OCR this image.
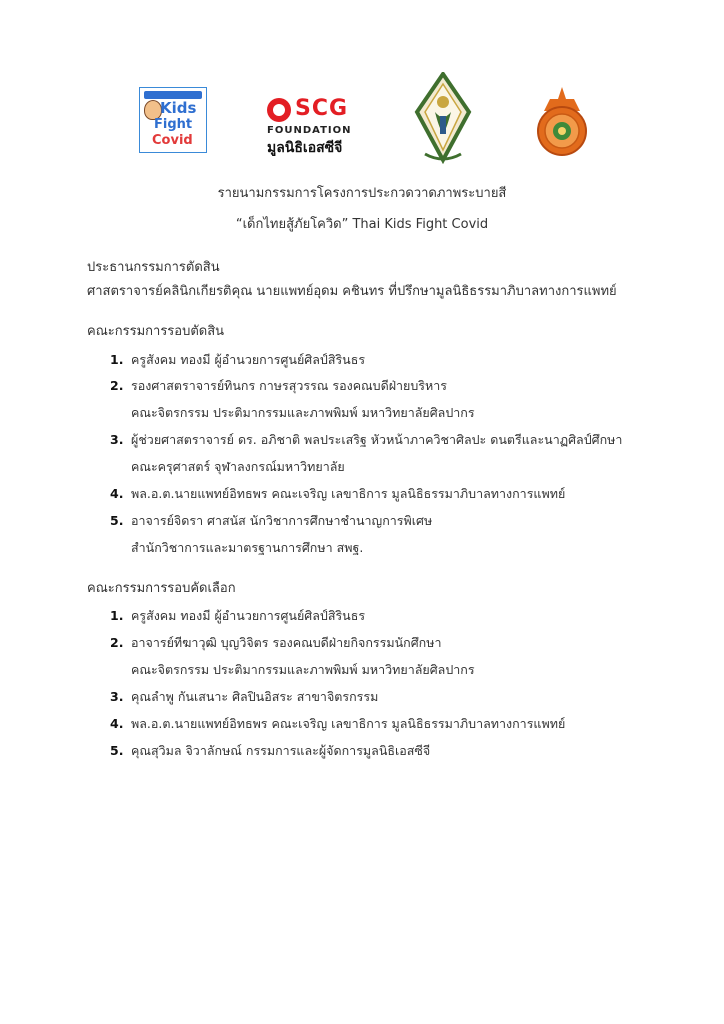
Kids
Fight
Covid
SCG
FOUNDATION
มูลนิธิเอสซีจี
รายนามกรรมการโครงการประกวดวาดภาพระบายสี
“เด็กไทยสู้ภัยโควิด” Thai Kids Fight Covid
ประธานกรรมการตัดสิน
ศาสตราจารย์คลินิกเกียรติคุณ นายแพทย์อุดม คชินทร ที่ปรึกษามูลนิธิธรรมาภิบาลทางการแพทย์
คณะกรรมการรอบตัดสิน
1. ครูสังคม ทองมี ผู้อำนวยการศูนย์ศิลป์สิรินธร
2. รองศาสตราจารย์ทินกร กาษรสุวรรณ รองคณบดีฝ่ายบริหาร
คณะจิตรกรรม ประติมากรรมและภาพพิมพ์ มหาวิทยาลัยศิลปากร
3. ผู้ช่วยศาสตราจารย์ ดร. อภิชาติ พลประเสริฐ หัวหน้าภาควิชาศิลปะ ดนตรีและนาฏศิลป์ศึกษา
คณะครุศาสตร์ จุฬาลงกรณ์มหาวิทยาลัย
4. พล.อ.ต.นายแพทย์อิทธพร คณะเจริญ เลขาธิการ มูลนิธิธรรมาภิบาลทางการแพทย์
5. อาจารย์จิดรา ศาสนัส นักวิชาการศึกษาชำนาญการพิเศษ
สำนักวิชาการและมาตรฐานการศึกษา สพฐ.
คณะกรรมการรอบคัดเลือก
1. ครูสังคม ทองมี ผู้อำนวยการศูนย์ศิลป์สิรินธร
2. อาจารย์ทีฆาวุฒิ บุญวิจิตร รองคณบดีฝ่ายกิจกรรมนักศึกษา
คณะจิตรกรรม ประติมากรรมและภาพพิมพ์ มหาวิทยาลัยศิลปากร
3. คุณลำพู กันเสนาะ ศิลปินอิสระ สาขาจิตรกรรม
4. พล.อ.ต.นายแพทย์อิทธพร คณะเจริญ เลขาธิการ มูลนิธิธรรมาภิบาลทางการแพทย์
5. คุณสุวิมล จิวาลักษณ์ กรรมการและผู้จัดการมูลนิธิเอสซีจี
